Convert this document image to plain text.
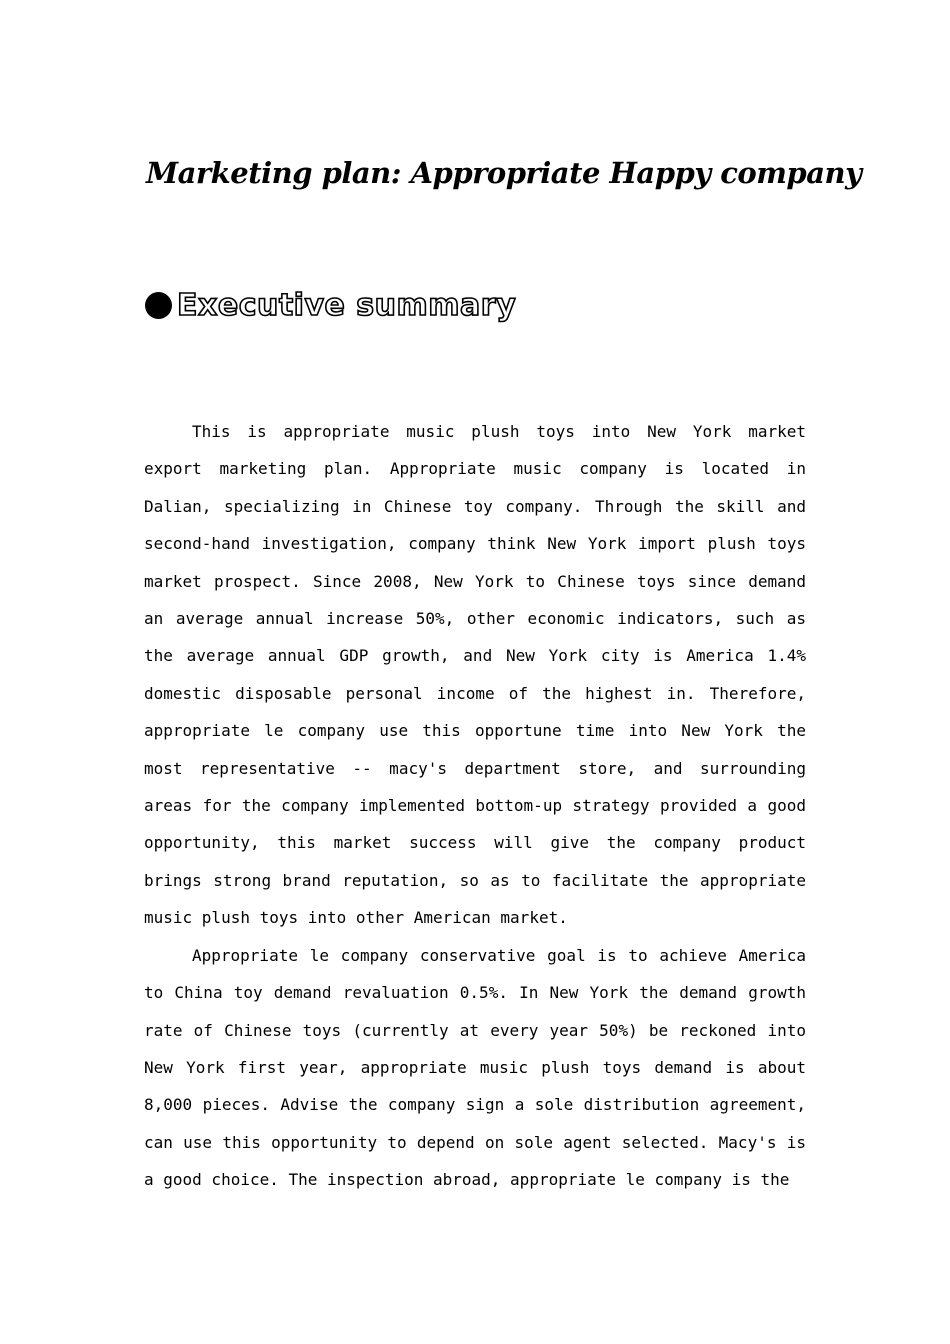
Marketing plan: Appropriate Happy company
Executive summary

This is appropriate music plush toys into New York market export marketing plan. Appropriate music company is located in Dalian, specializing in Chinese toy company. Through the skill and second-hand investigation, company think New York import plush toys market prospect. Since 2008, New York to Chinese toys since demand an average annual increase 50%, other economic indicators, such as the average annual GDP growth, and New York city is America 1.4% domestic disposable personal income of the highest in. Therefore, appropriate le company use this opportune time into New York the most representative -- macy's department store, and surrounding areas for the company implemented bottom-up strategy provided a good opportunity, this market success will give the company product brings strong brand reputation, so as to facilitate the appropriate music plush toys into other American market.

Appropriate le company conservative goal is to achieve America to China toy demand revaluation 0.5%. In New York the demand growth rate of Chinese toys (currently at every year 50%) be reckoned into New York first year, appropriate music plush toys demand is about 8,000 pieces. Advise the company sign a sole distribution agreement, can use this opportunity to depend on sole agent selected. Macy's is a good choice. The inspection abroad, appropriate le company is the
